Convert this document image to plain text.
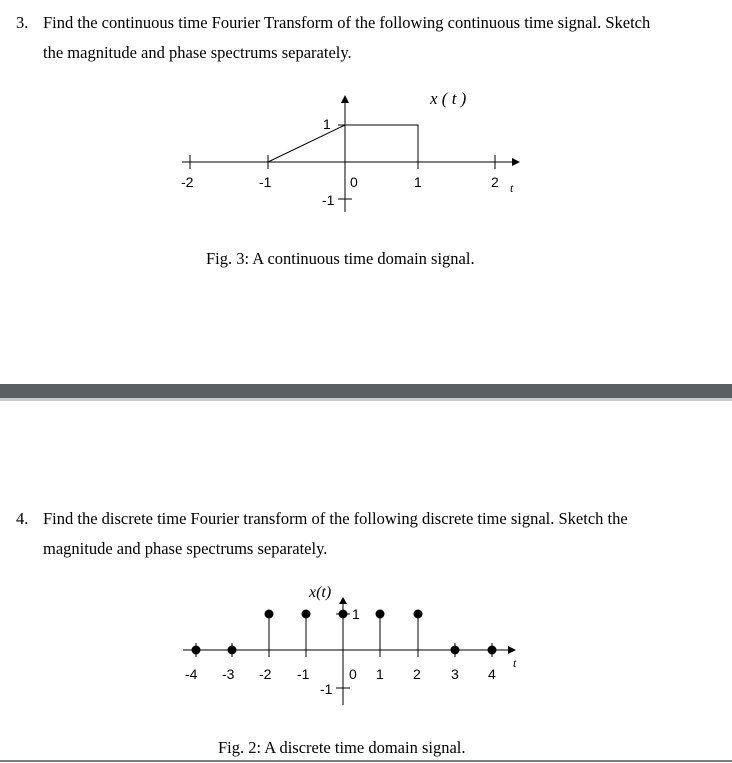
3. Find the continuous time Fourier Transform of the following continuous time signal. Sketch
the magnitude and phase spectrums separately.
-2	-1	0	1	2
1
-1
t
x ( t )
Fig. 3: A continuous time domain signal.
4. Find the discrete time Fourier transform of the following discrete time signal. Sketch the
magnitude and phase spectrums separately.
-4 -3 -2 -1	0 1 2 3 4
1
-1
t
x(t)
Fig. 2: A discrete time domain signal.
